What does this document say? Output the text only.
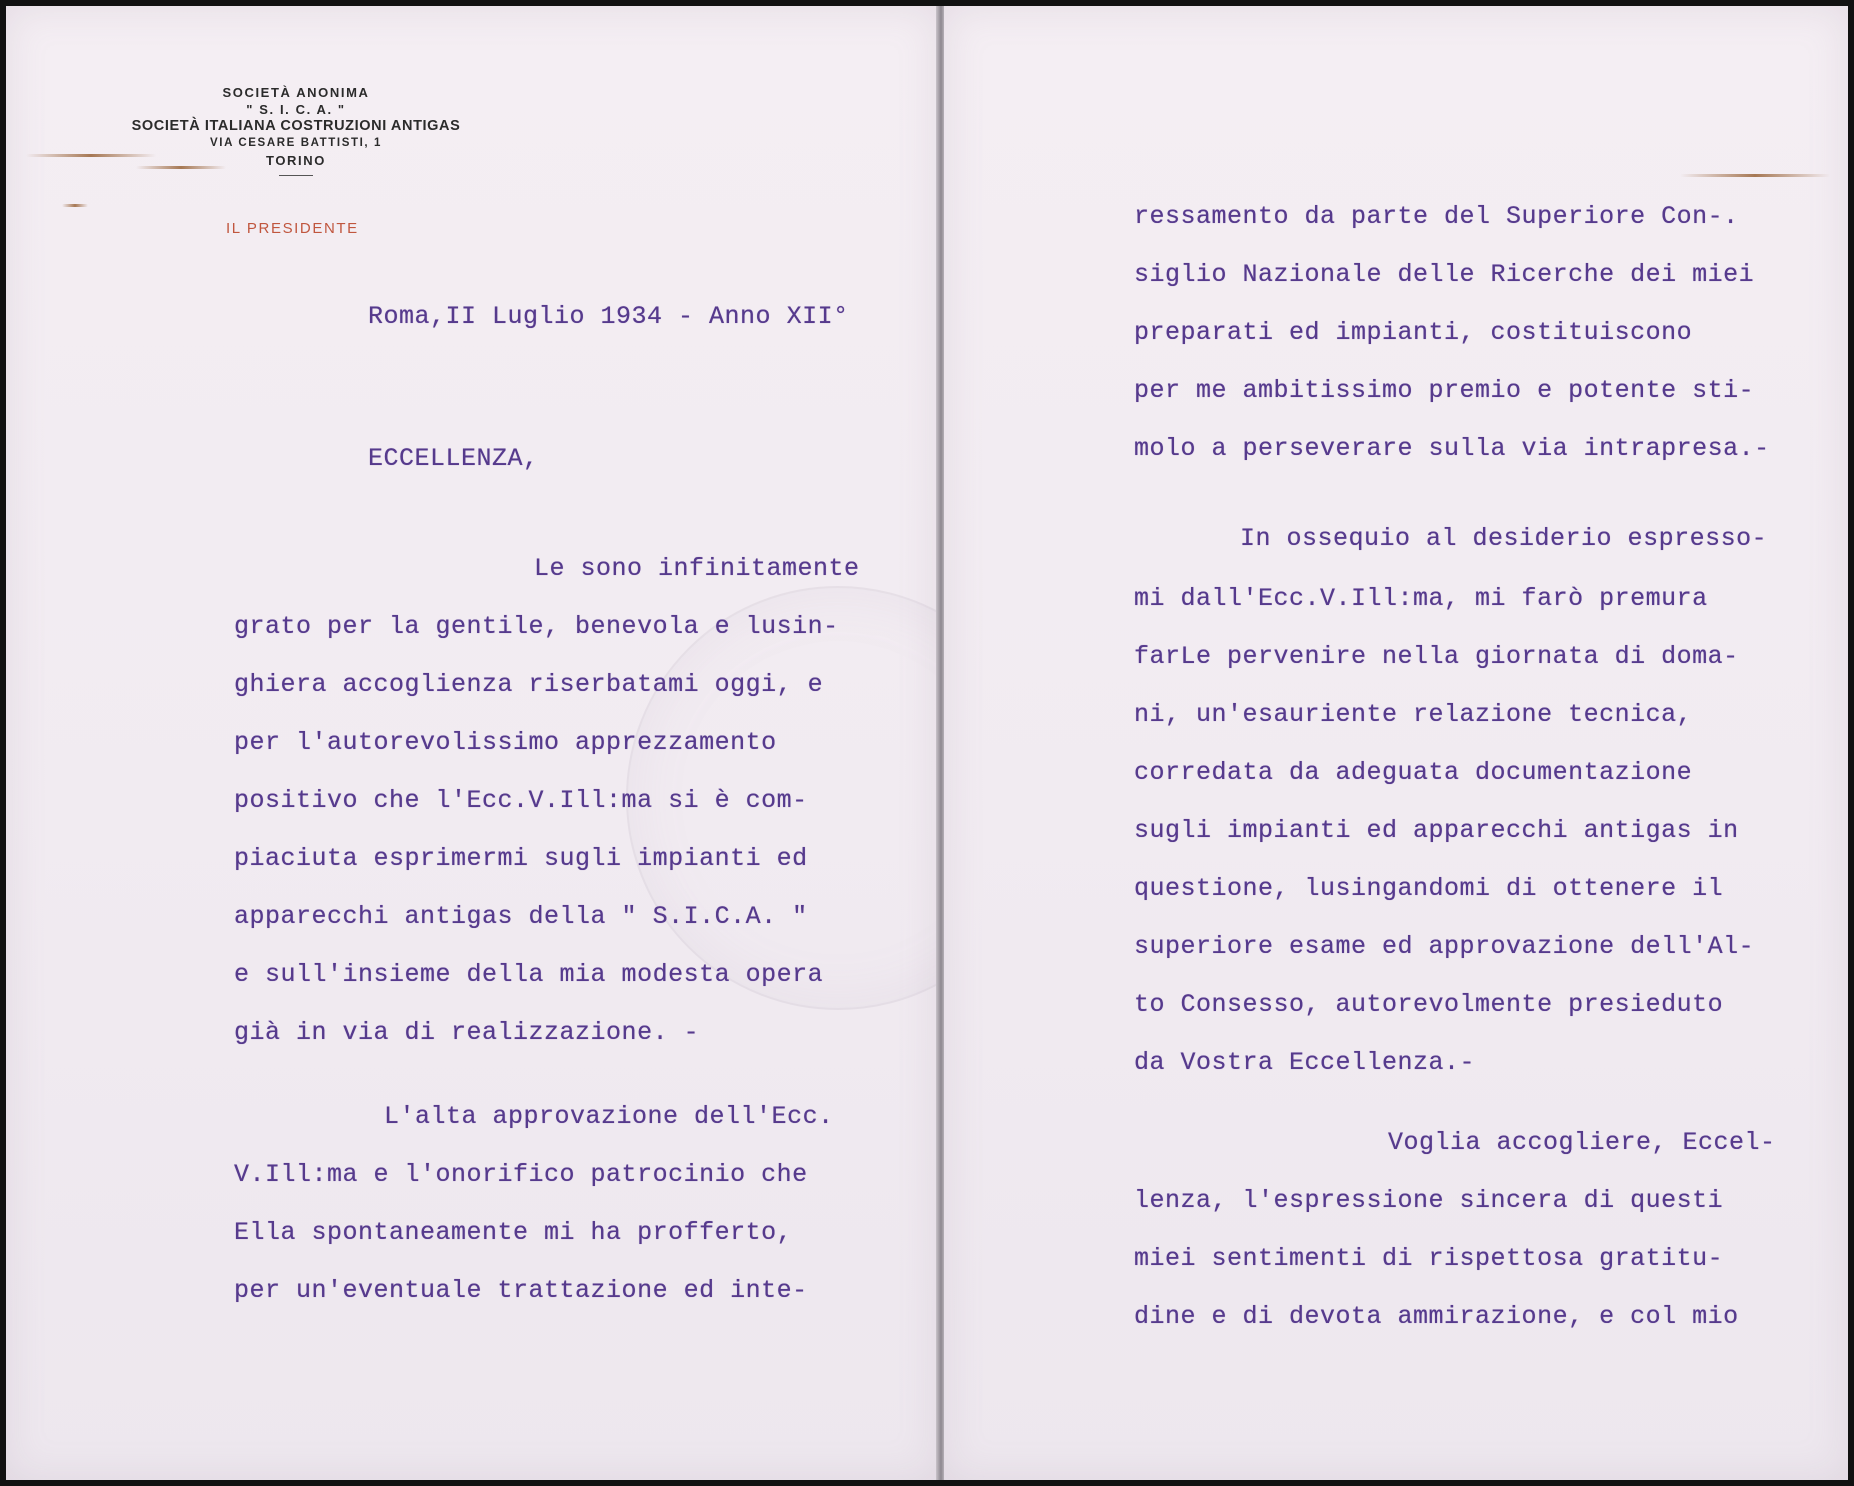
SOCIETÀ ANONIMA
" S. I. C. A. "
SOCIETÀ ITALIANA COSTRUZIONI ANTIGAS
VIA CESARE BATTISTI, 1
TORINO
IL PRESIDENTE
Roma,II Luglio 1934 - Anno XII°
ECCELLENZA,
Le sono infinitamente
grato per la gentile, benevola e lusin-
ghiera accoglienza riserbatami oggi, e
per l'autorevolissimo apprezzamento
positivo che l'Ecc.V.Ill:ma si è com-
piaciuta esprimermi sugli impianti ed
apparecchi antigas della " S.I.C.A. "
e sull'insieme della mia modesta opera
già in via di realizzazione. -
L'alta approvazione dell'Ecc.
V.Ill:ma e l'onorifico patrocinio che
Ella spontaneamente mi ha profferto,
per un'eventuale trattazione ed inte-
ressamento da parte del Superiore Con-.
siglio Nazionale delle Ricerche dei miei
preparati ed impianti, costituiscono
per me ambitissimo premio e potente sti-
molo a perseverare sulla via intrapresa.-
In ossequio al desiderio espresso-
mi dall'Ecc.V.Ill:ma, mi farò premura
farLe pervenire nella giornata di doma-
ni, un'esauriente relazione tecnica,
corredata da adeguata documentazione
sugli impianti ed apparecchi antigas in
questione, lusingandomi di ottenere il
superiore esame ed approvazione dell'Al-
to Consesso, autorevolmente presieduto
da Vostra Eccellenza.-
Voglia accogliere, Eccel-
lenza, l'espressione sincera di questi
miei sentimenti di rispettosa gratitu-
dine e di devota ammirazione, e col mio
